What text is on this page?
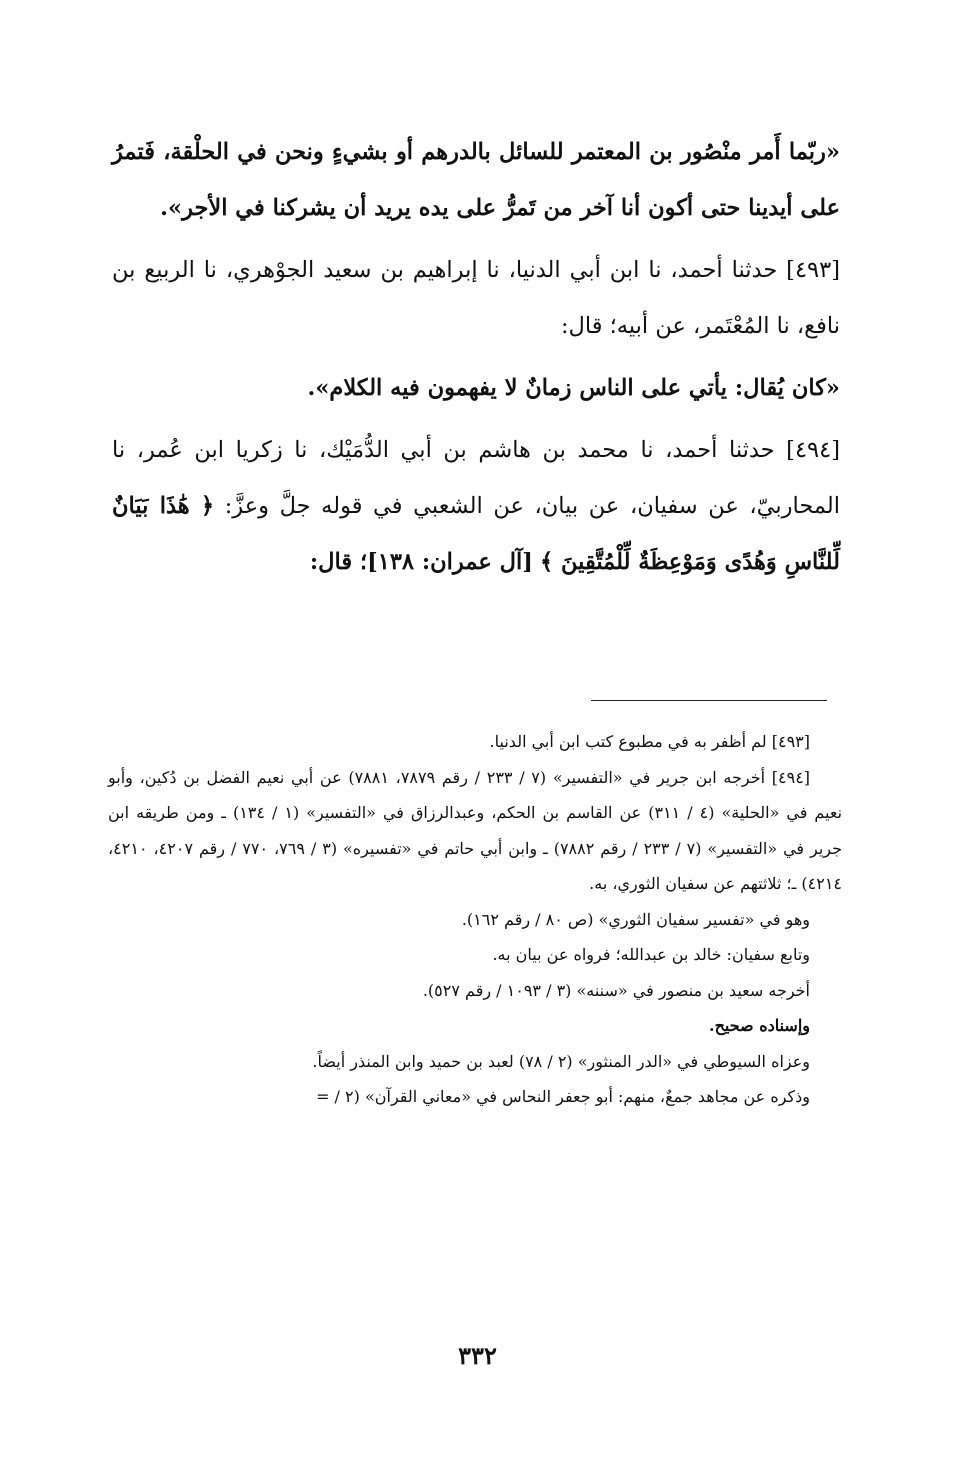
«ربّما أَمر منْصُور بن المعتمر للسائل بالدرهم أو بشيءٍ ونحن في الحلْقة، فَتمرُ على أيدينا حتى أكون أنا آخر من تَمرُّ على يده يريد أن يشركنا في الأجر».

[٤٩٣] حدثنا أحمد، نا ابن أبي الدنيا، نا إبراهيم بن سعيد الجوْهري، نا الربيع بن نافع، نا المُعْتَمر، عن أبيه؛ قال:

«كان يُقال: يأتي على الناس زمانٌ لا يفهمون فيه الكلام».

[٤٩٤] حدثنا أحمد، نا محمد بن هاشم بن أبي الدُّمَيْك، نا زكريا ابن عُمر، نا المحاربيّ، عن سفيان، عن بيان، عن الشعبي في قوله جلَّ وعزَّ: ﴿ هَٰذَا بَيَانٌ لِّلنَّاسِ وَهُدًى وَمَوْعِظَةٌ لِّلْمُتَّقِينَ ﴾ [آل عمران: ١٣٨]؛ قال:

[٤٩٣] لم أظفر به في مطبوع كتب ابن أبي الدنيا.

[٤٩٤] أخرجه ابن جرير في «التفسير» (٧ / ٢٣٣ / رقم ٧٨٧٩، ٧٨٨١) عن أبي نعيم الفضل بن دُكين، وأبو نعيم في «الحلية» (٤ / ٣١١) عن القاسم بن الحكم، وعبدالرزاق في «التفسير» (١ / ١٣٤) ـ ومن طريقه ابن جرير في «التفسير» (٧ / ٢٣٣ / رقم ٧٨٨٢) ـ وابن أبي حاتم في «تفسيره» (٣ / ٧٦٩، ٧٧٠ / رقم ٤٢٠٧، ٤٢١٠، ٤٢١٤) ـ؛ ثلاثتهم عن سفيان الثوري، به.

وهو في «تفسير سفيان الثوري» (ص ٨٠ / رقم ١٦٢).

وتابع سفيان: خالد بن عبدالله؛ فرواه عن بيان به.

أخرجه سعيد بن منصور في «سننه» (٣ / ١٠٩٣ / رقم ٥٢٧).

وإسناده صحيح.

وعزاه السيوطي في «الدر المنثور» (٢ / ٧٨) لعبد بن حميد وابن المنذر أيضاً.

وذكره عن مجاهد جمعٌ، منهم: أبو جعفر النحاس في «معاني القرآن» (٢ / =

٣٣٢
